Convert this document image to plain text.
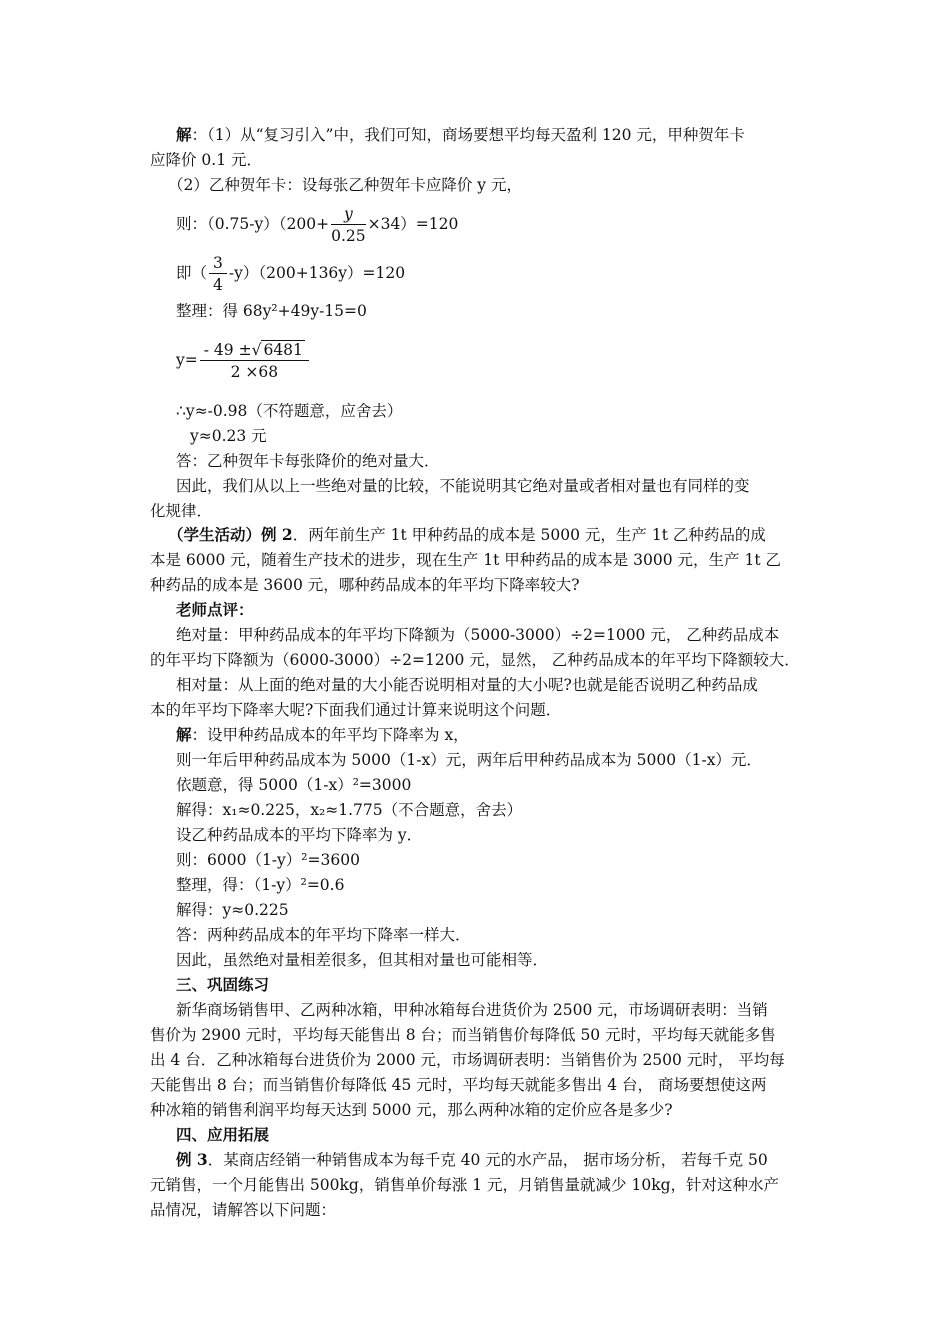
解：（1）从“复习引入”中，我们可知，商场要想平均每天盈利 120 元，甲种贺年卡
应降价 0.1 元．
（2）乙种贺年卡：设每张乙种贺年卡应降价 y 元，
则：$(0.75-y)(200+ \frac{y}{0.25} \times 34)=120$
即（ $\frac{3}{4} -y)(200+136y)=120$
整理：得 68y²+49y-15=0
$y= \frac{- 49 \pm√ 6481}{2 \times 68}$
∴y≈-0.98（不符题意，应舍去）
y≈0.23 元
答：乙种贺年卡每张降价的绝对量大．
因此，我们从以上一些绝对量的比较，不能说明其它绝对量或者相对量也有同样的变
化规律．
（学生活动）例 2．两年前生产 1t 甲种药品的成本是 5000 元，生产 1t 乙种药品的成
本是 6000 元，随着生产技术的进步，现在生产 1t 甲种药品的成本是 3000 元，生产 1t 乙
种药品的成本是 3600 元，哪种药品成本的年平均下降率较大?
老师点评：
绝对量：甲种药品成本的年平均下降额为（5000-3000）÷2=1000 元， 乙种药品成本
的年平均下降额为（6000-3000）÷2=1200 元，显然， 乙种药品成本的年平均下降额较大．
相对量：从上面的绝对量的大小能否说明相对量的大小呢?也就是能否说明乙种药品成
本的年平均下降率大呢?下面我们通过计算来说明这个问题．
解：设甲种药品成本的年平均下降率为 x，
则一年后甲种药品成本为 5000（1-x）元，两年后甲种药品成本为 5000（1-x）元．
依题意，得 5000（1-x）²=3000
解得：x₁≈0.225，x₂≈1.775（不合题意，舍去）
设乙种药品成本的平均下降率为 y．
则：6000（1-y）²=3600
整理，得：（1-y）²=0.6
解得：y≈0.225
答：两种药品成本的年平均下降率一样大．
因此，虽然绝对量相差很多，但其相对量也可能相等．
三、巩固练习
新华商场销售甲、乙两种冰箱，甲种冰箱每台进货价为 2500 元，市场调研表明：当销
售价为 2900 元时，平均每天能售出 8 台；而当销售价每降低 50 元时，平均每天就能多售
出 4 台．乙种冰箱每台进货价为 2000 元，市场调研表明：当销售价为 2500 元时， 平均每
天能售出 8 台；而当销售价每降低 45 元时，平均每天就能多售出 4 台， 商场要想使这两
种冰箱的销售利润平均每天达到 5000 元，那么两种冰箱的定价应各是多少?
四、应用拓展
例 3．某商店经销一种销售成本为每千克 40 元的水产品， 据市场分析， 若每千克 50
元销售，一个月能售出 500kg，销售单价每涨 1 元，月销售量就减少 10kg，针对这种水产
品情况，请解答以下问题：
